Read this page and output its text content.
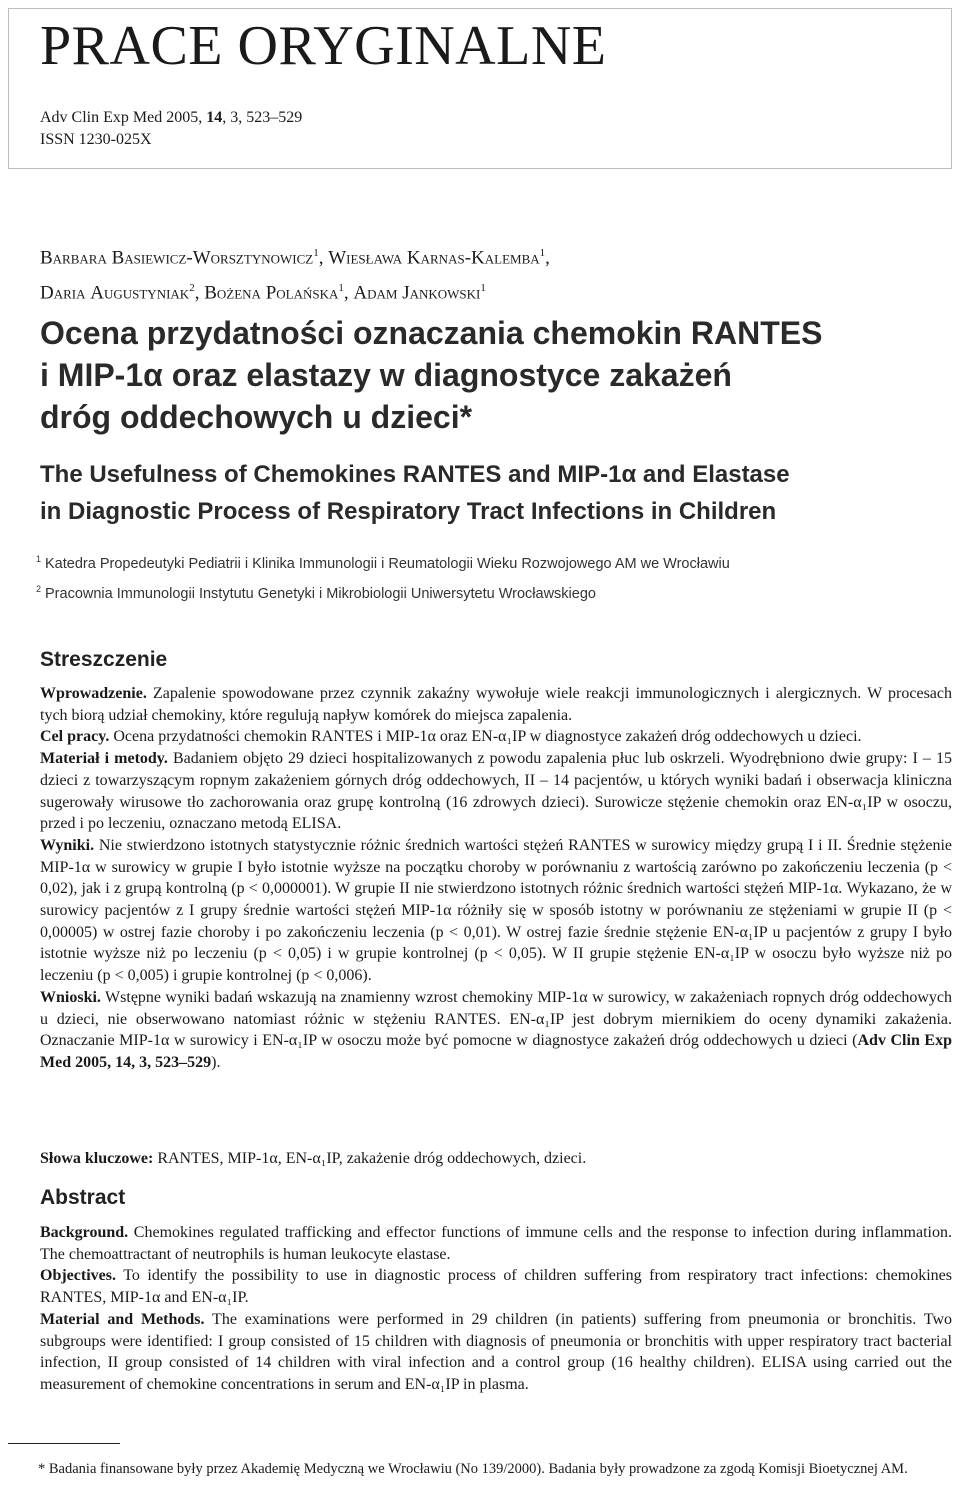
PRACE ORYGINALNE
Adv Clin Exp Med 2005, 14, 3, 523–529
ISSN 1230-025X
Barbara Basiewicz-Worsztynowicz$^1$, Wiesława Karnas-Kalemba$^1$,
Daria Augustyniak$^2$, Bożena Polańska$^1$, Adam Jankowski$^1$
Ocena przydatności oznaczania chemokin RANTES
i MIP-1α oraz elastazy w diagnostyce zakażeń
dróg oddechowych u dzieci*
The Usefulness of Chemokines RANTES and MIP-1α and Elastase
in Diagnostic Process of Respiratory Tract Infections in Children
$^1$ Katedra Propedeutyki Pediatrii i Klinika Immunologii i Reumatologii Wieku Rozwojowego AM we Wrocławiu
$^2$ Pracownia Immunologii Instytutu Genetyki i Mikrobiologii Uniwersytetu Wrocławskiego
Streszczenie

Wprowadzenie. Zapalenie spowodowane przez czynnik zakaźny wywołuje wiele reakcji immunologicznych i alergicznych. W procesach tych biorą udział chemokiny, które regulują napływ komórek do miejsca zapalenia.

Cel pracy. Ocena przydatności chemokin RANTES i MIP-1α oraz EN-α₁IP w diagnostyce zakażeń dróg oddechowych u dzieci.

Materiał i metody. Badaniem objęto 29 dzieci hospitalizowanych z powodu zapalenia płuc lub oskrzeli. Wyodrębniono dwie grupy: I – 15 dzieci z towarzyszącym ropnym zakażeniem górnych dróg oddechowych, II – 14 pacjentów, u których wyniki badań i obserwacja kliniczna sugerowały wirusowe tło zachorowania oraz grupę kontrolną (16 zdrowych dzieci). Surowicze stężenie chemokin oraz EN-α₁IP w osoczu, przed i po leczeniu, oznaczano metodą ELISA.

Wyniki. Nie stwierdzono istotnych statystycznie różnic średnich wartości stężeń RANTES w surowicy między grupą I i II. Średnie stężenie MIP-1α w surowicy w grupie I było istotnie wyższe na początku choroby w porównaniu z wartością zarówno po zakończeniu leczenia (p < 0,02), jak i z grupą kontrolną (p < 0,000001). W grupie II nie stwierdzono istotnych różnic średnich wartości stężeń MIP-1α. Wykazano, że w surowicy pacjentów z I grupy średnie wartości stężeń MIP-1α różniły się w sposób istotny w porównaniu ze stężeniami w grupie II (p < 0,00005) w ostrej fazie choroby i po zakończeniu leczenia (p < 0,01). W ostrej fazie średnie stężenie EN-α₁IP u pacjentów z grupy I było istotnie wyższe niż po leczeniu (p < 0,05) i w grupie kontrolnej (p < 0,05). W II grupie stężenie EN-α₁IP w osoczu było wyższe niż po leczeniu (p < 0,005) i grupie kontrolnej (p < 0,006).

Wnioski. Wstępne wyniki badań wskazują na znamienny wzrost chemokiny MIP-1α w surowicy, w zakażeniach ropnych dróg oddechowych u dzieci, nie obserwowano natomiast różnic w stężeniu RANTES. EN-α₁IP jest dobrym miernikiem do oceny dynamiki zakażenia. Oznaczanie MIP-1α w surowicy i EN-α₁IP w osoczu może być pomocne w diagnostyce zakażeń dróg oddechowych u dzieci (Adv Clin Exp Med 2005, 14, 3, 523–529).

Słowa kluczowe: RANTES, MIP-1α, EN-α₁IP, zakażenie dróg oddechowych, dzieci.
Abstract

Background. Chemokines regulated trafficking and effector functions of immune cells and the response to infection during inflammation. The chemoattractant of neutrophils is human leukocyte elastase.

Objectives. To identify the possibility to use in diagnostic process of children suffering from respiratory tract infections: chemokines RANTES, MIP-1α and EN-α₁IP.

Material and Methods. The examinations were performed in 29 children (in patients) suffering from pneumonia or bronchitis. Two subgroups were identified: I group consisted of 15 children with diagnosis of pneumonia or bronchitis with upper respiratory tract bacterial infection, II group consisted of 14 children with viral infection and a control group (16 healthy children). ELISA using carried out the measurement of chemokine concentrations in serum and EN-α₁IP in plasma.

* Badania finansowane były przez Akademię Medyczną we Wrocławiu (No 139/2000). Badania były prowadzone za zgodą Komisji Bioetycznej AM.
